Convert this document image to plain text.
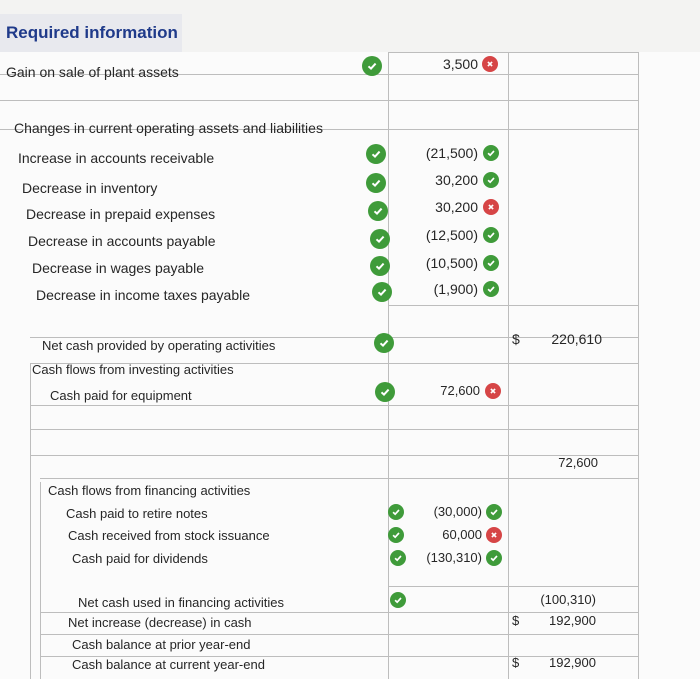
Required information
Gain on sale of plant assets	3,500
Changes in current operating assets and liabilities
Increase in accounts receivable	(21,500)
Decrease in inventory	30,200
Decrease in prepaid expenses	30,200
Decrease in accounts payable	(12,500)
Decrease in wages payable	(10,500)
Decrease in income taxes payable	(1,900)
Net cash provided by operating activities	$	220,610
Cash flows from investing activities
Cash paid for equipment	72,600
72,600
Cash flows from financing activities
Cash paid to retire notes	(30,000)
Cash received from stock issuance	60,000
Cash paid for dividends	(130,310)
Net cash used in financing activities	(100,310)
Net increase (decrease) in cash	$	192,900
Cash balance at prior year-end
Cash balance at current year-end	$	192,900
